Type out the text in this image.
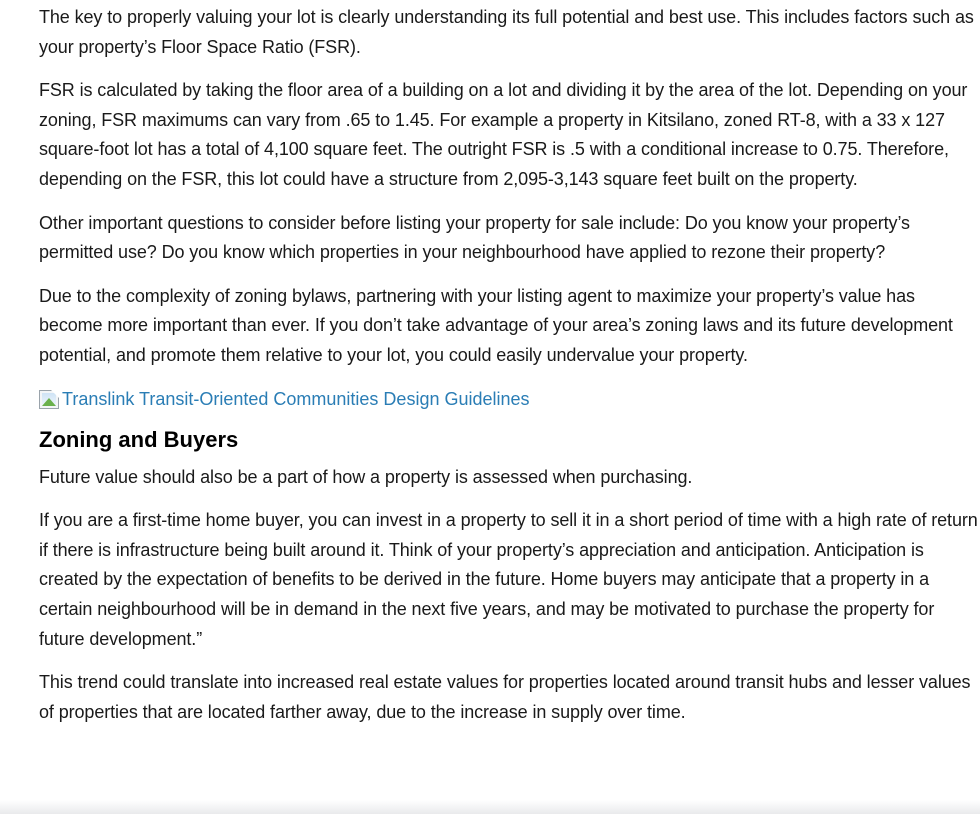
The key to properly valuing your lot is clearly understanding its full potential and best use. This includes factors such as your property’s Floor Space Ratio (FSR).

FSR is calculated by taking the floor area of a building on a lot and dividing it by the area of the lot. Depending on your zoning, FSR maximums can vary from .65 to 1.45. For example a property in Kitsilano, zoned RT-8, with a 33 x 127 square-foot lot has a total of 4,100 square feet. The outright FSR is .5 with a conditional increase to 0.75. Therefore, depending on the FSR, this lot could have a structure from 2,095-3,143 square feet built on the property.

Other important questions to consider before listing your property for sale include: Do you know your property’s permitted use? Do you know which properties in your neighbourhood have applied to rezone their property?

Due to the complexity of zoning bylaws, partnering with your listing agent to maximize your property’s value has become more important than ever. If you don’t take advantage of your area’s zoning laws and its future development potential, and promote them relative to your lot, you could easily undervalue your property.

Translink Transit-Oriented Communities Design Guidelines
Zoning and Buyers

Future value should also be a part of how a property is assessed when purchasing.

If you are a first-time home buyer, you can invest in a property to sell it in a short period of time with a high rate of return if there is infrastructure being built around it. Think of your property’s appreciation and anticipation. Anticipation is created by the expectation of benefits to be derived in the future. Home buyers may anticipate that a property in a certain neighbourhood will be in demand in the next five years, and may be motivated to purchase the property for future development.”

This trend could translate into increased real estate values for properties located around transit hubs and lesser values of properties that are located farther away, due to the increase in supply over time.
